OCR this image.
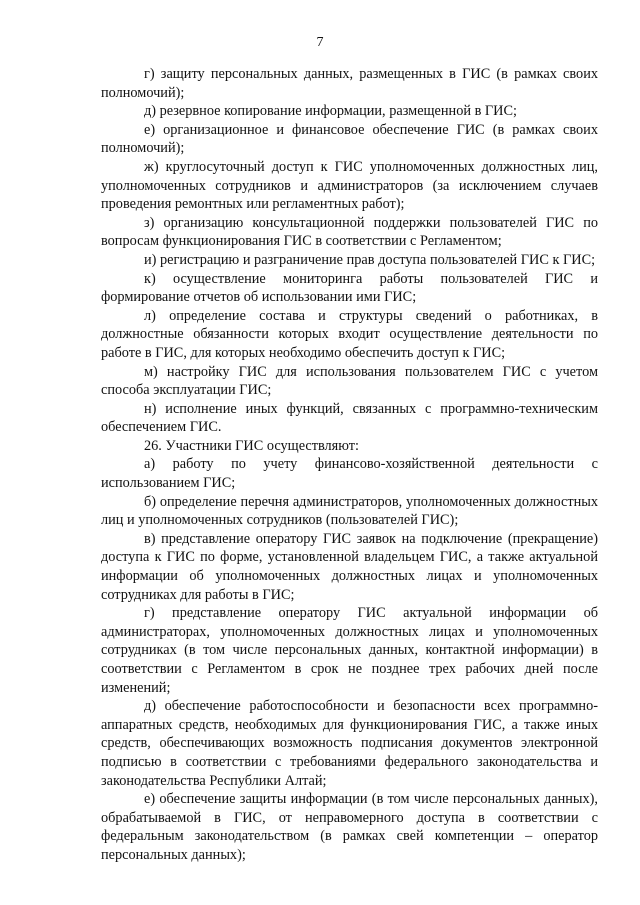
7

г) защиту персональных данных, размещенных в ГИС (в рамках своих полномочий);

д) резервное копирование информации, размещенной в ГИС;

е) организационное и финансовое обеспечение ГИС (в рамках своих полномочий);

ж) круглосуточный доступ к ГИС уполномоченных должностных лиц, уполномоченных сотрудников и администраторов (за исключением случаев проведения ремонтных или регламентных работ);

з) организацию консультационной поддержки пользователей ГИС по вопросам функционирования ГИС в соответствии с Регламентом;

и) регистрацию и разграничение прав доступа пользователей ГИС к ГИС;

к) осуществление мониторинга работы пользователей ГИС и формирование отчетов об использовании ими ГИС;

л) определение состава и структуры сведений о работниках, в должностные обязанности которых входит осуществление деятельности по работе в ГИС, для которых необходимо обеспечить доступ к ГИС;

м) настройку ГИС для использования пользователем ГИС с учетом способа эксплуатации ГИС;

н) исполнение иных функций, связанных с программно-техническим обеспечением ГИС.

26. Участники ГИС осуществляют:

а) работу по учету финансово-хозяйственной деятельности с использованием ГИС;

б) определение перечня администраторов, уполномоченных должностных лиц и уполномоченных сотрудников (пользователей ГИС);

в) представление оператору ГИС заявок на подключение (прекращение) доступа к ГИС по форме, установленной владельцем ГИС, а также актуальной информации об уполномоченных должностных лицах и уполномоченных сотрудниках для работы в ГИС;

г) представление оператору ГИС актуальной информации об администраторах, уполномоченных должностных лицах и уполномоченных сотрудниках (в том числе персональных данных, контактной информации) в соответствии с Регламентом в срок не позднее трех рабочих дней после изменений;

д) обеспечение работоспособности и безопасности всех программно-аппаратных средств, необходимых для функционирования ГИС, а также иных средств, обеспечивающих возможность подписания документов электронной подписью в соответствии с требованиями федерального законодательства и законодательства Республики Алтай;

е) обеспечение защиты информации (в том числе персональных данных), обрабатываемой в ГИС, от неправомерного доступа в соответствии с федеральным законодательством (в рамках свей компетенции – оператор персональных данных);
